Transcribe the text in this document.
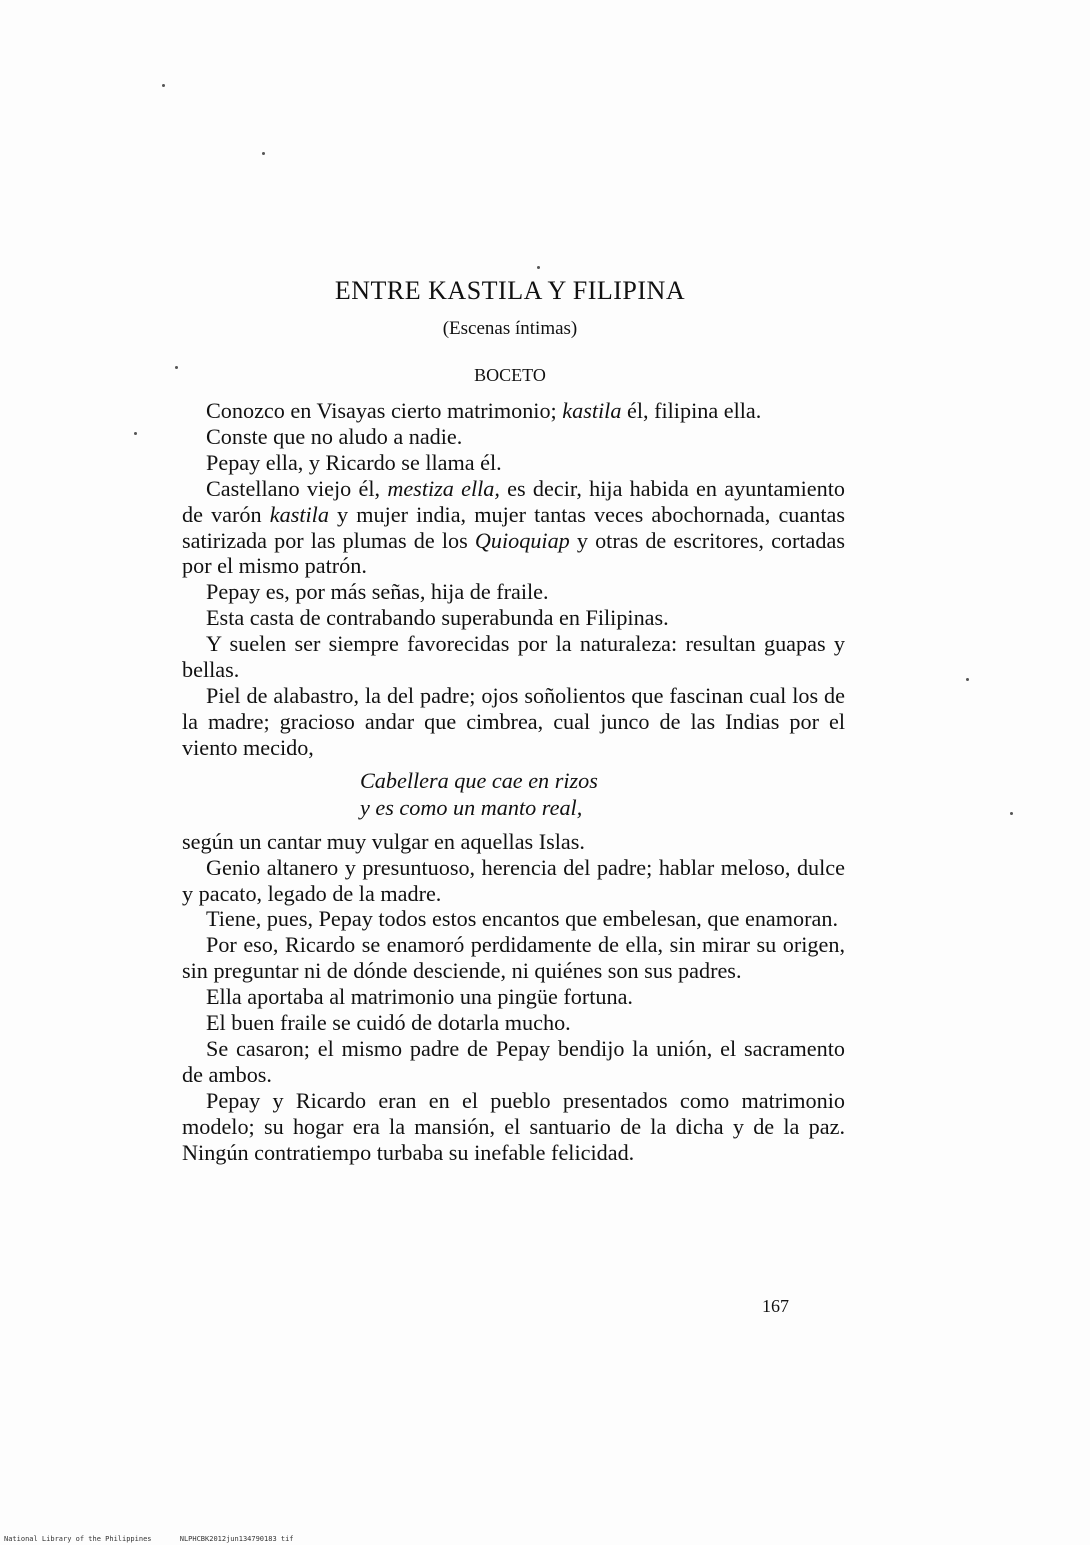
ENTRE KASTILA Y FILIPINA
(Escenas íntimas)
BOCETO

Conozco en Visayas cierto matrimonio; kastila él, filipina ella.

Conste que no aludo a nadie.

Pepay ella, y Ricardo se llama él.

Castellano viejo él, mestiza ella, es decir, hija habida en ayuntamiento de varón kastila y mujer india, mujer tantas veces abochornada, cuantas satirizada por las plumas de los Quioquiap y otras de escritores, cortadas por el mismo patrón.

Pepay es, por más señas, hija de fraile.

Esta casta de contrabando superabunda en Filipinas.

Y suelen ser siempre favorecidas por la naturaleza: resultan guapas y bellas.

Piel de alabastro, la del padre; ojos soñolientos que fascinan cual los de la madre; gracioso andar que cimbrea, cual junco de las Indias por el viento mecido,

Cabellera que cae en rizos
y es como un manto real,

según un cantar muy vulgar en aquellas Islas.

Genio altanero y presuntuoso, herencia del padre; hablar meloso, dulce y pacato, legado de la madre.

Tiene, pues, Pepay todos estos encantos que embelesan, que enamoran.

Por eso, Ricardo se enamoró perdidamente de ella, sin mirar su origen, sin preguntar ni de dónde desciende, ni quiénes son sus padres.

Ella aportaba al matrimonio una pingüe fortuna.

El buen fraile se cuidó de dotarla mucho.

Se casaron; el mismo padre de Pepay bendijo la unión, el sacramento de ambos.

Pepay y Ricardo eran en el pueblo presentados como matrimonio modelo; su hogar era la mansión, el santuario de la dicha y de la paz. Ningún contratiempo turbaba su inefable felicidad.

167
National Library of the Philippines	NLPHCBK2012jun134790183 tif
